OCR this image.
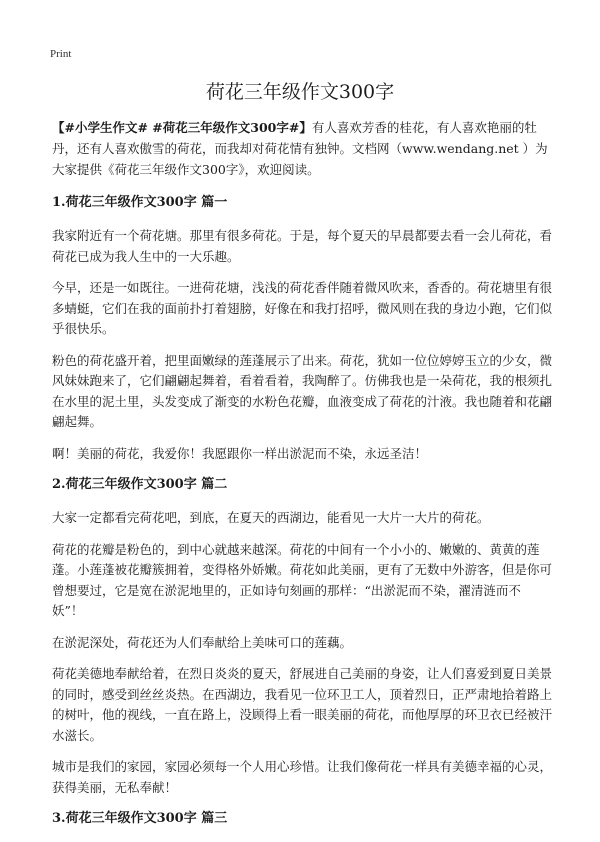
Print
荷花三年级作文300字

【#小学生作文# #荷花三年级作文300字#】有人喜欢芳香的桂花，有人喜欢艳丽的牡丹，还有人喜欢傲雪的荷花，而我却对荷花情有独钟。文档网（www.wendang.net ）为大家提供《荷花三年级作文300字》，欢迎阅读。

1.荷花三年级作文300字 篇一

我家附近有一个荷花塘。那里有很多荷花。于是，每个夏天的早晨都要去看一会儿荷花，看荷花已成为我人生中的一大乐趣。

今早，还是一如既往。一进荷花塘，浅浅的荷花香伴随着微风吹来，香香的。荷花塘里有很多蜻蜓，它们在我的面前扑打着翅膀，好像在和我打招呼，微风则在我的身边小跑，它们似乎很快乐。

粉色的荷花盛开着，把里面嫩绿的莲蓬展示了出来。荷花，犹如一位位婷婷玉立的少女，微风妹妹跑来了，它们翩翩起舞着，看着看着，我陶醉了。仿佛我也是一朵荷花，我的根须扎在水里的泥土里，头发变成了渐变的水粉色花瓣，血液变成了荷花的汁液。我也随着和花翩翩起舞。

啊！美丽的荷花，我爱你！我愿跟你一样出淤泥而不染，永远圣洁！

2.荷花三年级作文300字 篇二

大家一定都看完荷花吧，到底，在夏天的西湖边，能看见一大片一大片的荷花。

荷花的花瓣是粉色的，到中心就越来越深。荷花的中间有一个小小的、嫩嫩的、黄黄的莲蓬。小莲蓬被花瓣簇拥着，变得格外娇嫩。荷花如此美丽，更有了无数中外游客，但是你可曾想要过，它是宽在淤泥地里的，正如诗句刻画的那样：“出淤泥而不染，濯清涟而不妖”！

在淤泥深处，荷花还为人们奉献给上美味可口的莲藕。

荷花美德地奉献给着，在烈日炎炎的夏天，舒展进自己美丽的身姿，让人们喜爱到夏日美景的同时，感受到丝丝炎热。在西湖边，我看见一位环卫工人，顶着烈日，正严肃地拾着路上的树叶，他的视线，一直在路上，没顾得上看一眼美丽的荷花，而他厚厚的环卫衣已经被汗水滋长。

城市是我们的家园，家园必须每一个人用心珍惜。让我们像荷花一样具有美德幸福的心灵，获得美丽，无私奉献！

3.荷花三年级作文300字 篇三
